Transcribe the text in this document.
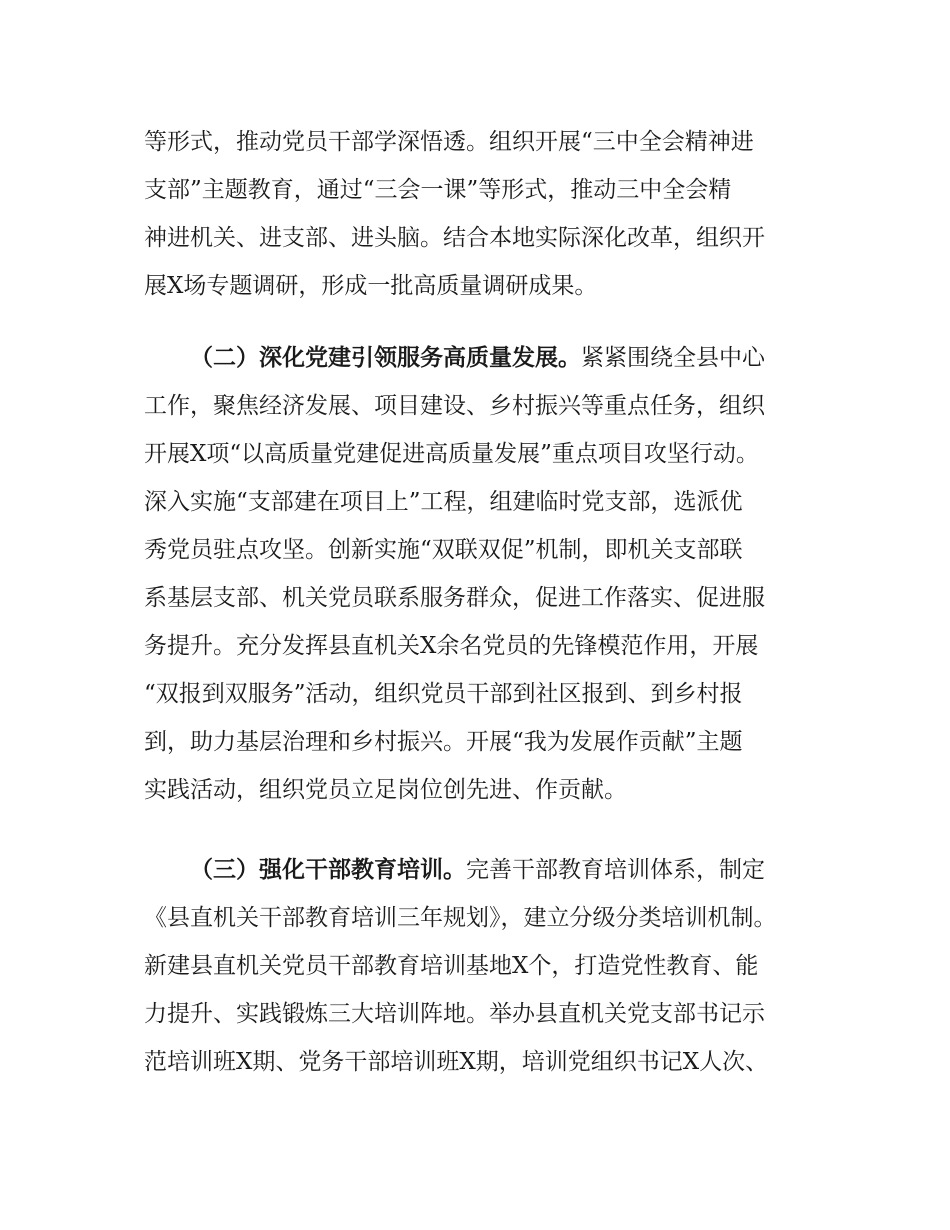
等形式，推动党员干部学深悟透。组织开展“三中全会精神进
支部”主题教育，通过“三会一课”等形式，推动三中全会精
神进机关、进支部、进头脑。结合本地实际深化改革，组织开
展X场专题调研，形成一批高质量调研成果。
（二）深化党建引领服务高质量发展。紧紧围绕全县中心
工作，聚焦经济发展、项目建设、乡村振兴等重点任务，组织
开展X项“以高质量党建促进高质量发展”重点项目攻坚行动。
深入实施“支部建在项目上”工程，组建临时党支部，选派优
秀党员驻点攻坚。创新实施“双联双促”机制，即机关支部联
系基层支部、机关党员联系服务群众，促进工作落实、促进服
务提升。充分发挥县直机关X余名党员的先锋模范作用，开展
“双报到双服务”活动，组织党员干部到社区报到、到乡村报
到，助力基层治理和乡村振兴。开展“我为发展作贡献”主题
实践活动，组织党员立足岗位创先进、作贡献。
（三）强化干部教育培训。完善干部教育培训体系，制定
《县直机关干部教育培训三年规划》，建立分级分类培训机制。
新建县直机关党员干部教育培训基地X个，打造党性教育、能
力提升、实践锻炼三大培训阵地。举办县直机关党支部书记示
范培训班X期、党务干部培训班X期，培训党组织书记X人次、
